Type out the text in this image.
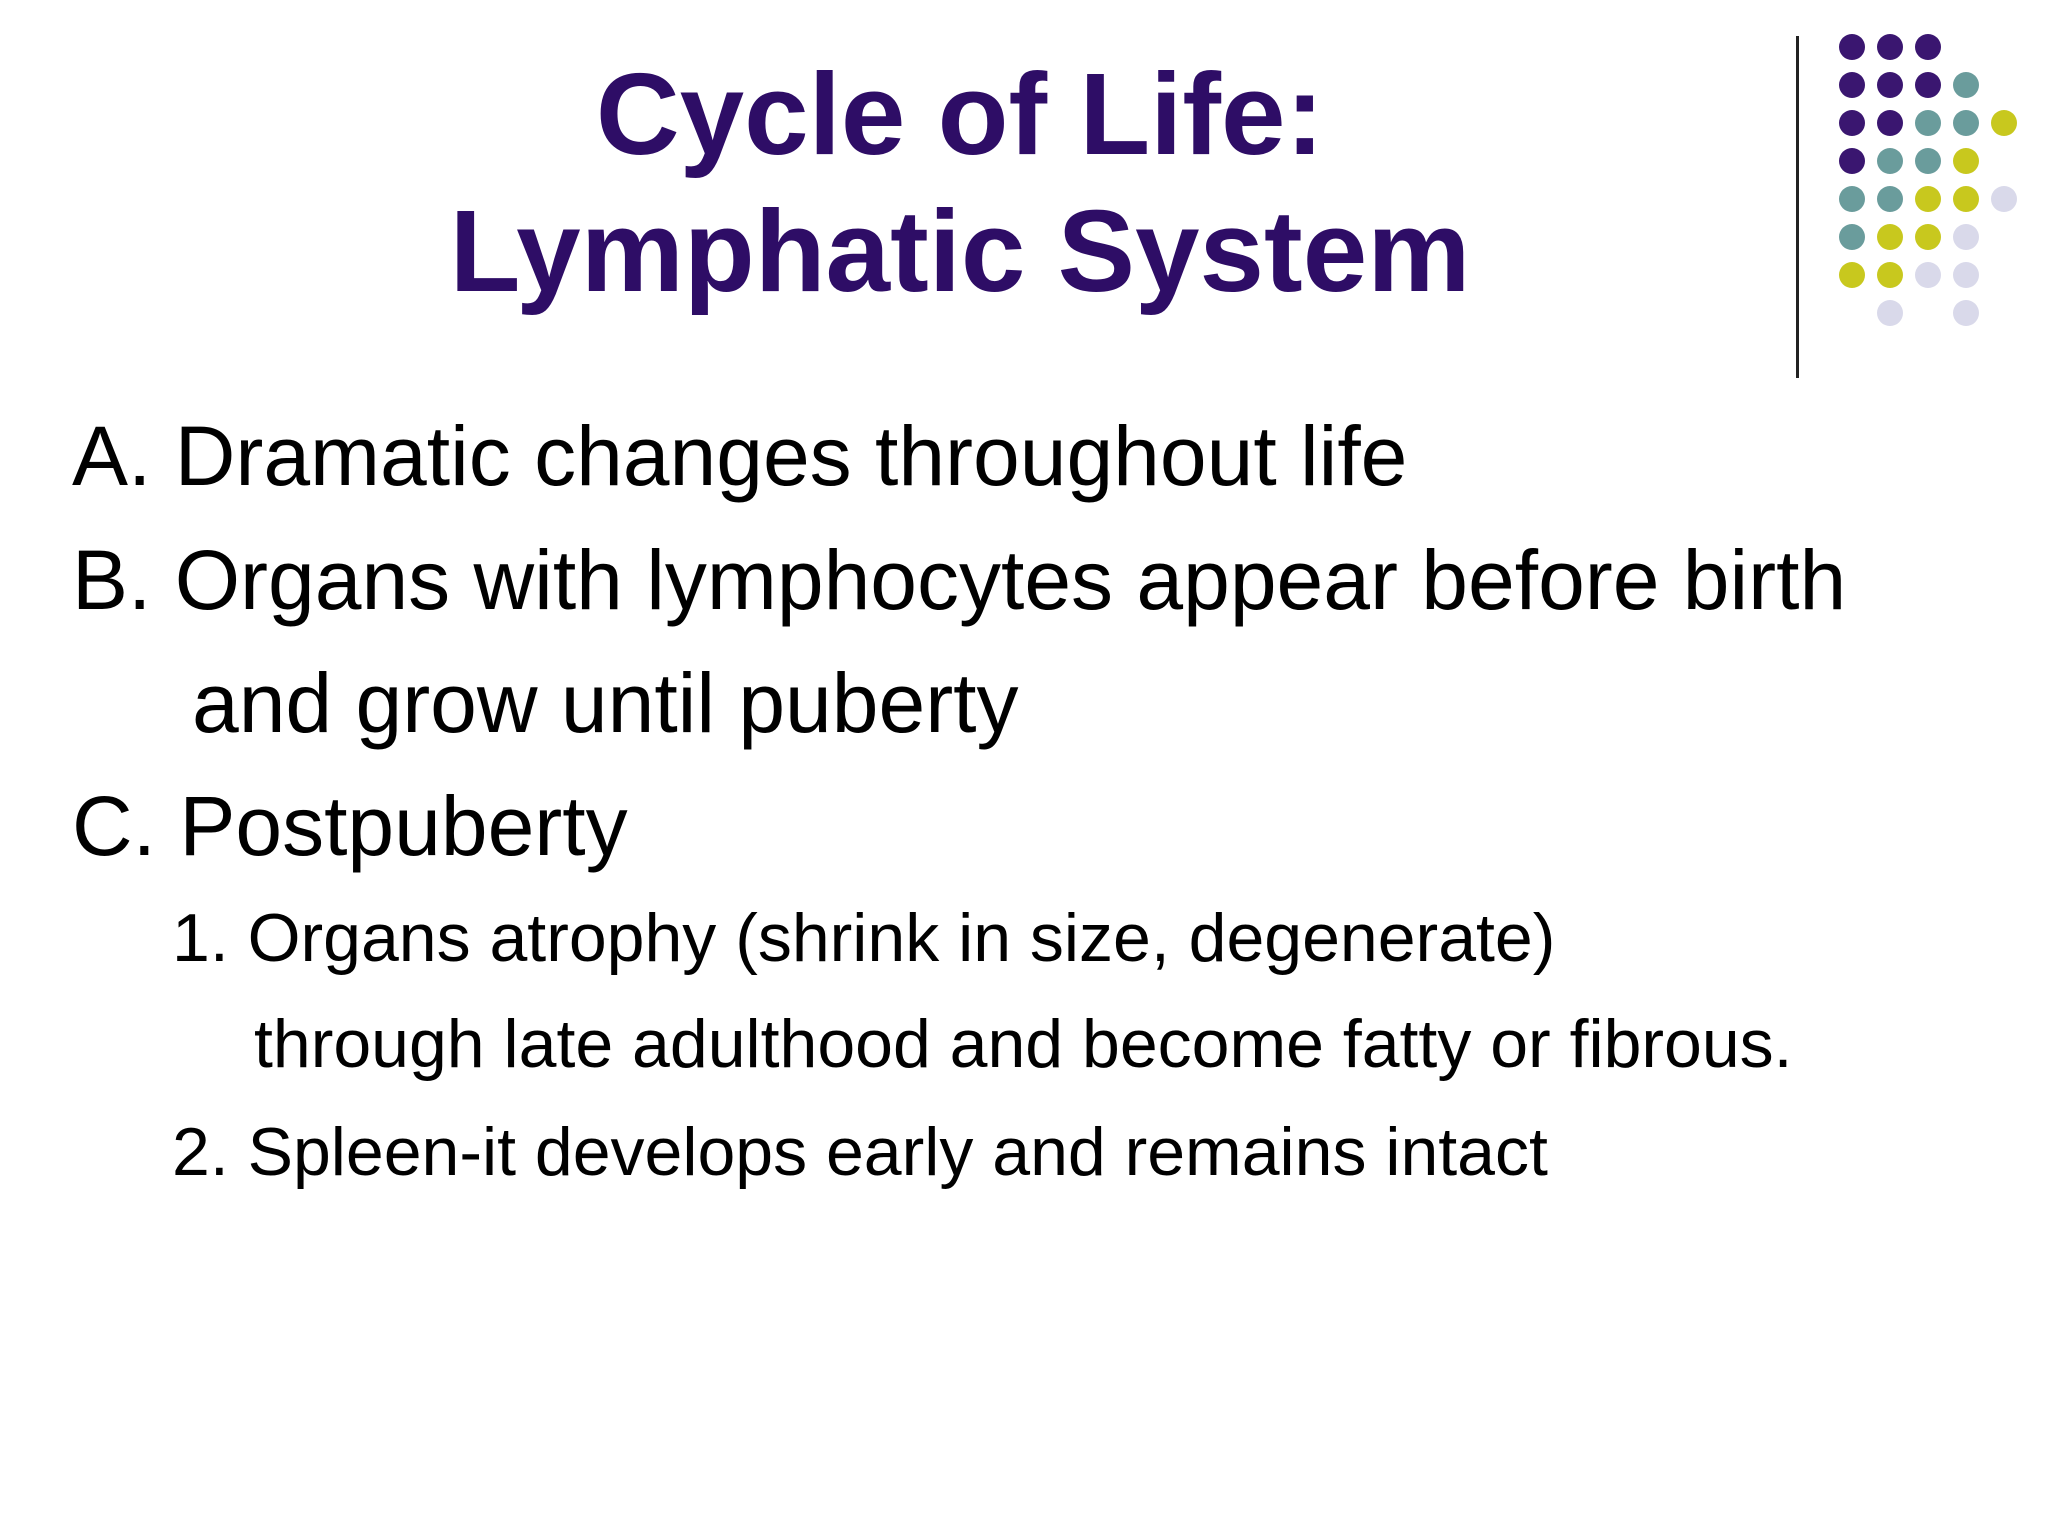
Cycle of Life:
Lymphatic System
A. Dramatic changes throughout life
B. Organs with lymphocytes appear before birth
and grow until puberty
C. Postpuberty
1. Organs atrophy (shrink in size, degenerate)
through late adulthood and become fatty or fibrous.
2. Spleen-it develops early and remains intact
